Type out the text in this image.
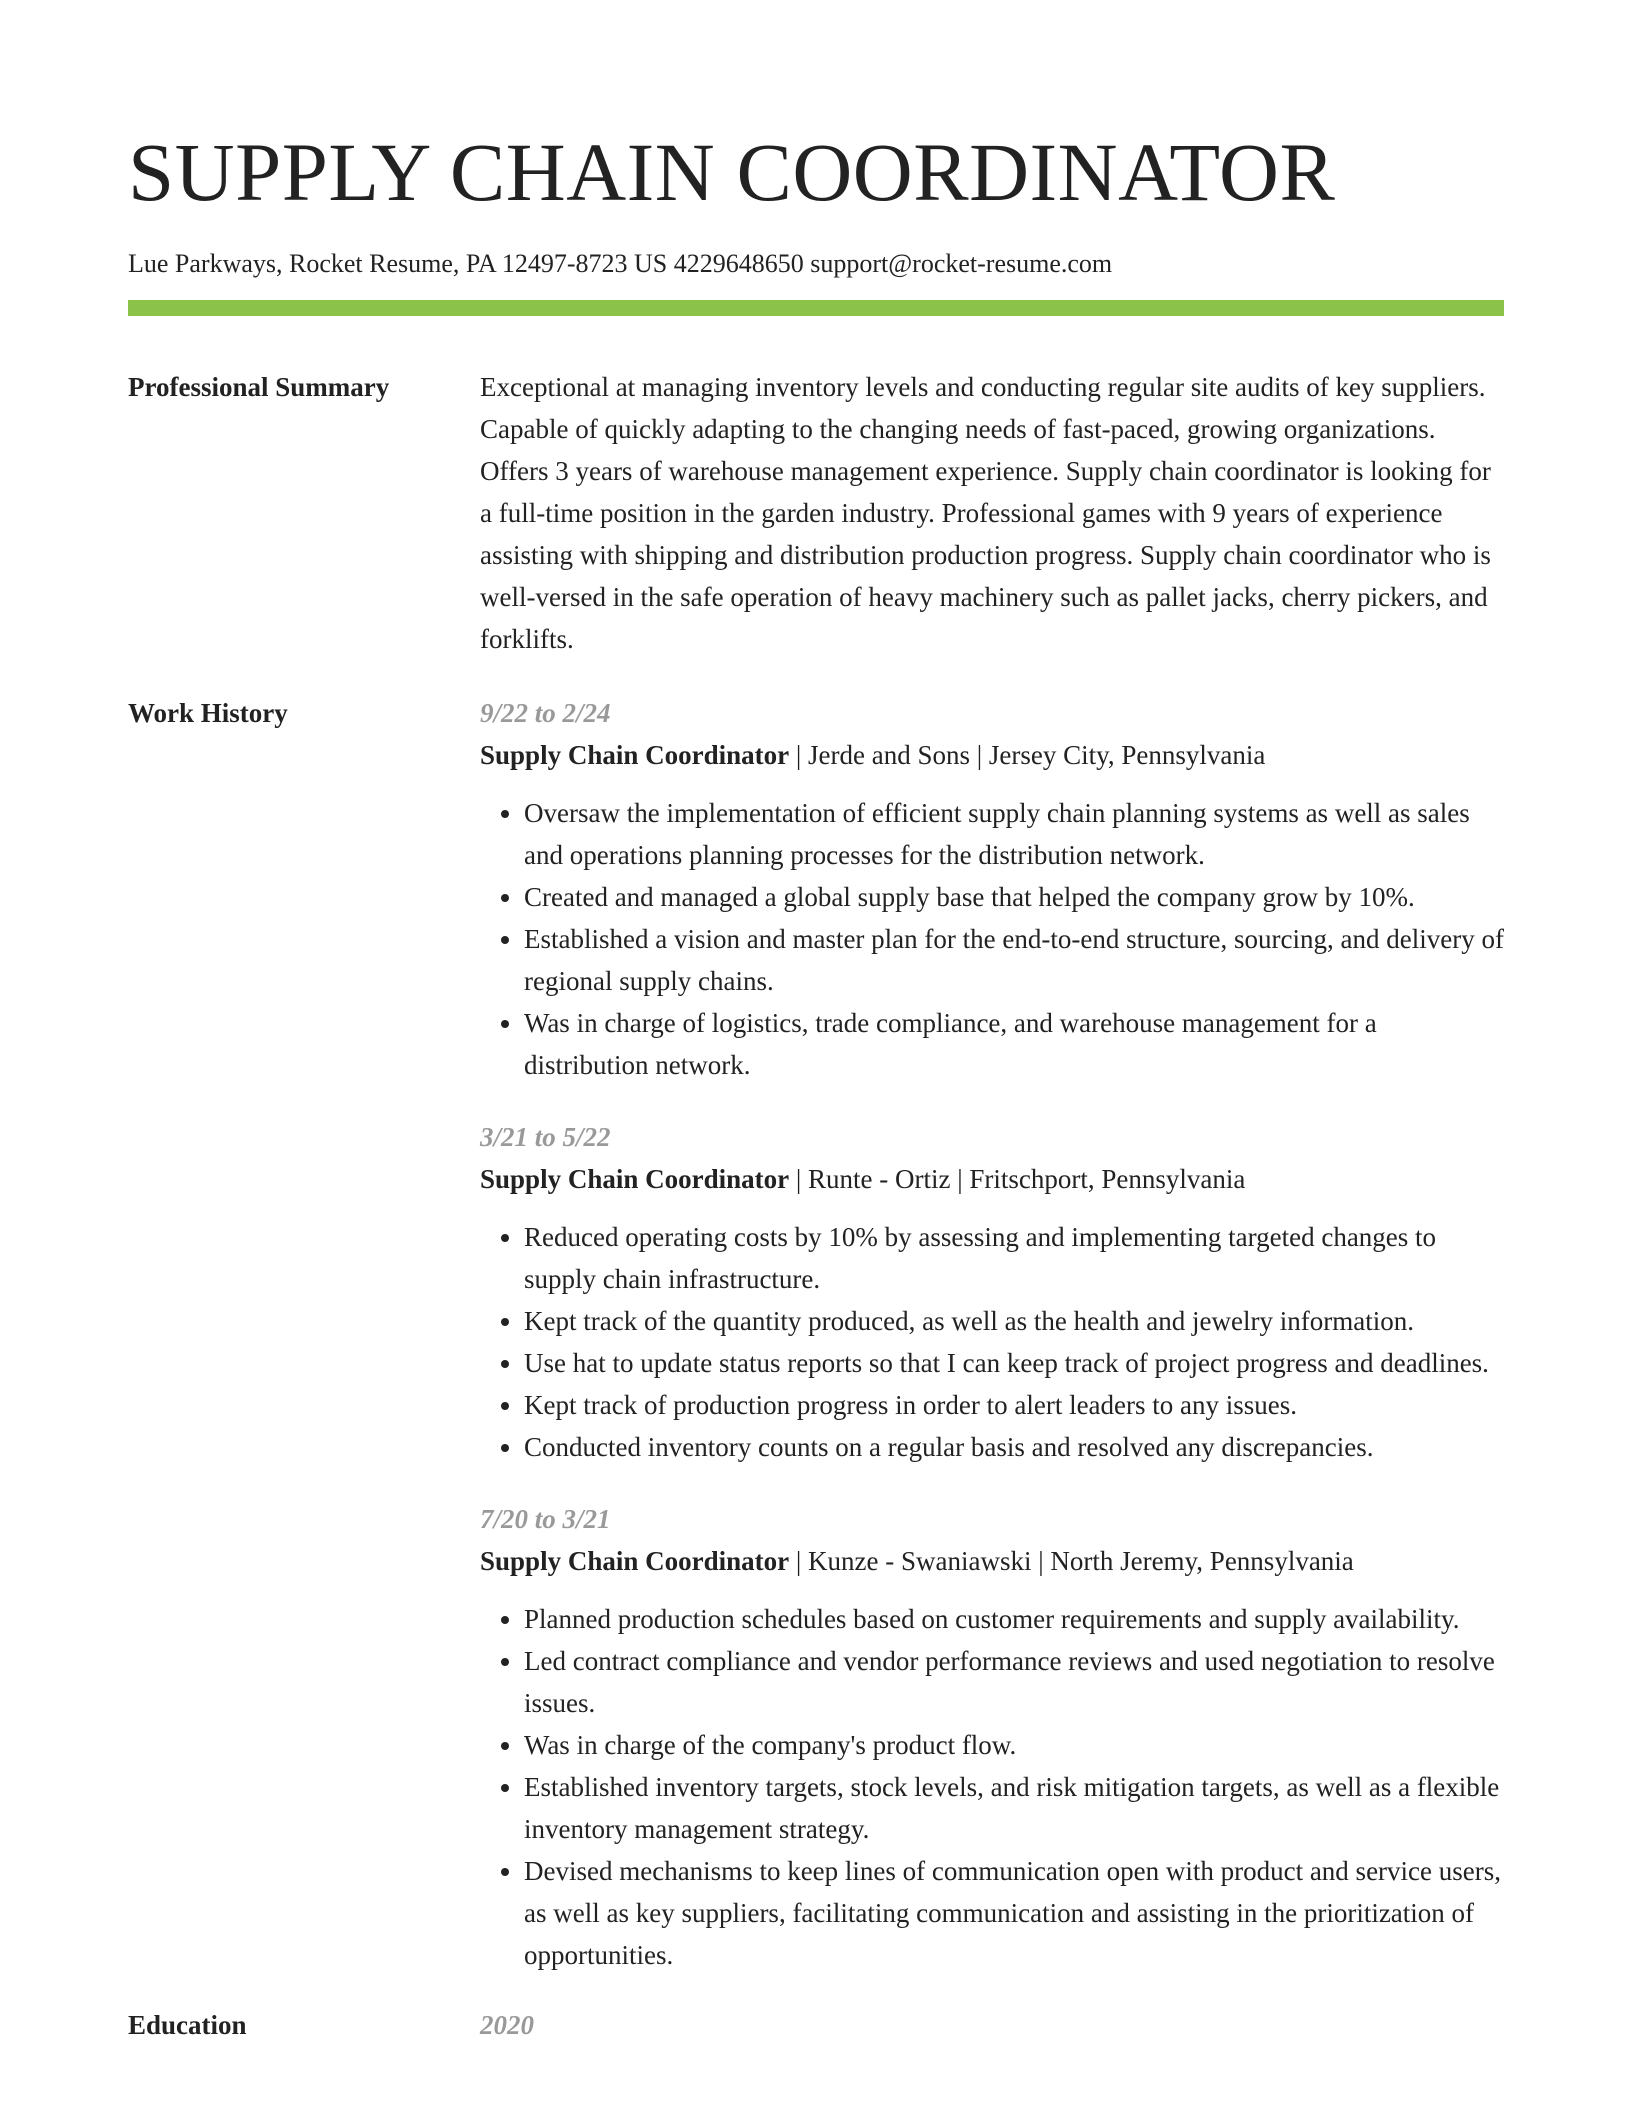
SUPPLY CHAIN COORDINATOR
Lue Parkways, Rocket Resume, PA 12497-8723 US 4229648650 support@rocket-resume.com
Professional Summary	Exceptional at managing inventory levels and conducting regular site audits of key suppliers. Capable of quickly adapting to the changing needs of fast-paced, growing organizations. Offers 3 years of warehouse management experience. Supply chain coordinator is looking for a full-time position in the garden industry. Professional games with 9 years of experience assisting with shipping and distribution production progress. Supply chain coordinator who is well-versed in the safe operation of heavy machinery such as pallet jacks, cherry pickers, and forklifts.

Work History	9/22 to 2/24
Supply Chain Coordinator | Jerde and Sons | Jersey City, Pennsylvania
• Oversaw the implementation of efficient supply chain planning systems as well as sales and operations planning processes for the distribution network.
• Created and managed a global supply base that helped the company grow by 10%.
• Established a vision and master plan for the end-to-end structure, sourcing, and delivery of regional supply chains.
• Was in charge of logistics, trade compliance, and warehouse management for a distribution network.
3/21 to 5/22
Supply Chain Coordinator | Runte - Ortiz | Fritschport, Pennsylvania
• Reduced operating costs by 10% by assessing and implementing targeted changes to supply chain infrastructure.
• Kept track of the quantity produced, as well as the health and jewelry information.
• Use hat to update status reports so that I can keep track of project progress and deadlines.
• Kept track of production progress in order to alert leaders to any issues.
• Conducted inventory counts on a regular basis and resolved any discrepancies.
7/20 to 3/21
Supply Chain Coordinator | Kunze - Swaniawski | North Jeremy, Pennsylvania
• Planned production schedules based on customer requirements and supply availability.
• Led contract compliance and vendor performance reviews and used negotiation to resolve issues.
• Was in charge of the company's product flow.
• Established inventory targets, stock levels, and risk mitigation targets, as well as a flexible inventory management strategy.
• Devised mechanisms to keep lines of communication open with product and service users, as well as key suppliers, facilitating communication and assisting in the prioritization of opportunities.
Education	2020
